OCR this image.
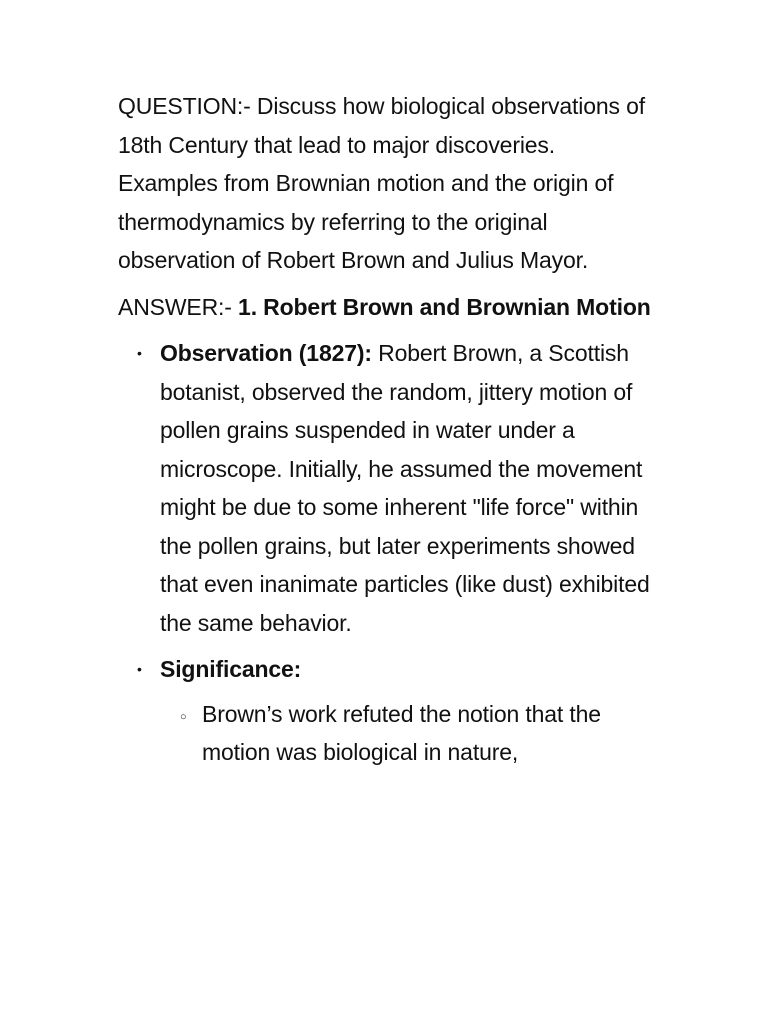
QUESTION:- Discuss how biological observations of 18th Century that lead to major discoveries. Examples from Brownian motion and the origin of thermodynamics by referring to the original observation of Robert Brown and Julius Mayor.

ANSWER:- 1. Robert Brown and Brownian Motion

• Observation (1827): Robert Brown, a Scottish botanist, observed the random, jittery motion of pollen grains suspended in water under a microscope. Initially, he assumed the movement might be due to some inherent "life force" within the pollen grains, but later experiments showed that even inanimate particles (like dust) exhibited the same behavior.
• Significance:
○ Brown’s work refuted the notion that the motion was biological in nature,
